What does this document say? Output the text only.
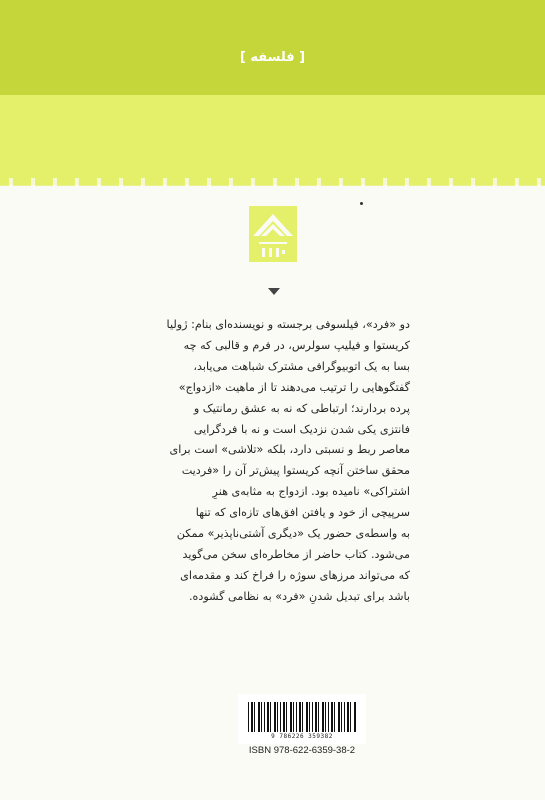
[ فلسفه ]

دو «فرد»، فیلسوفی برجسته و نویسنده‌ای بنام: ژولیا

کریستوا و فیلیپ سولرس، در فرم و قالبی که چه

بسا به یک اتوبیوگرافی مشترک شباهت می‌یابد،

گفتگوهایی را ترتیب می‌دهند تا از ماهیت «ازدواج»

پرده بردارند؛ ارتباطی که نه به عشق رمانتیک و

فانتزی یکی شدن نزدیک است و نه با فردگرایی

معاصر ربط و نسبتی دارد، بلکه «تلاشی» است برای

محقق ساختن آنچه کریستوا پیش‌تر آن را «فردیت

اشتراکی» نامیده بود. ازدواج به مثابه‌ی هنرِ

سرپیچی از خود و یافتن افق‌های تازه‌ای که تنها

به واسطه‌ی حضور یک «دیگری آشتی‌ناپذیر» ممکن

می‌شود. کتاب حاضر از مخاطره‌ای سخن می‌گوید

که می‌تواند مرزهای سوژه را فراخ کند و مقدمه‌ای

باشد برای تبدیل شدنِ «فرد» به نظامی گشوده.

9 786226 359382
ISBN 978-622-6359-38-2
